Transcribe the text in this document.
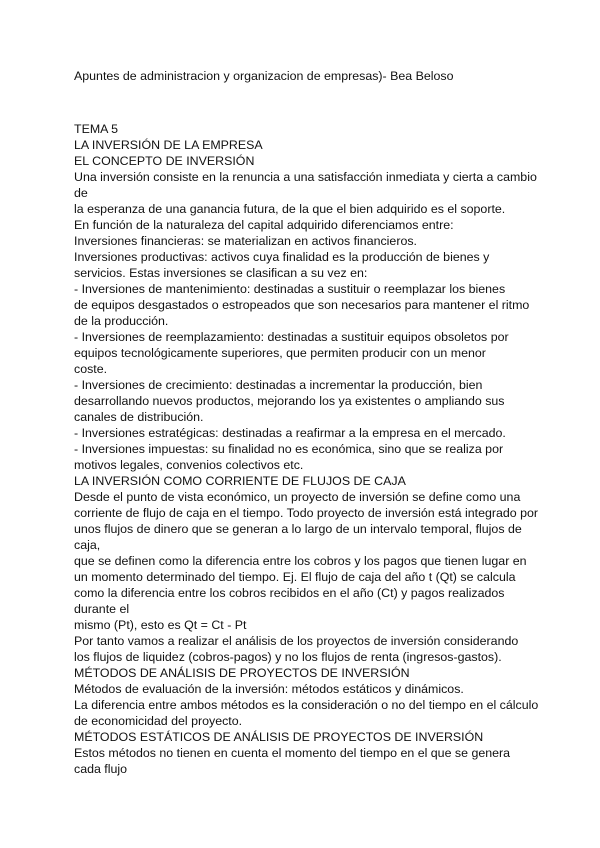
Apuntes de administracion y organizacion de empresas)- Bea Beloso
TEMA 5
LA INVERSIÓN DE LA EMPRESA
EL CONCEPTO DE INVERSIÓN
Una inversión consiste en la renuncia a una satisfacción inmediata y cierta a cambio
de
la esperanza de una ganancia futura, de la que el bien adquirido es el soporte.
En función de la naturaleza del capital adquirido diferenciamos entre:
Inversiones financieras: se materializan en activos financieros.
Inversiones productivas: activos cuya finalidad es la producción de bienes y
servicios. Estas inversiones se clasifican a su vez en:
- Inversiones de mantenimiento: destinadas a sustituir o reemplazar los bienes
de equipos desgastados o estropeados que son necesarios para mantener el ritmo
de la producción.
- Inversiones de reemplazamiento: destinadas a sustituir equipos obsoletos por
equipos tecnológicamente superiores, que permiten producir con un menor
coste.
- Inversiones de crecimiento: destinadas a incrementar la producción, bien
desarrollando nuevos productos, mejorando los ya existentes o ampliando sus
canales de distribución.
- Inversiones estratégicas: destinadas a reafirmar a la empresa en el mercado.
- Inversiones impuestas: su finalidad no es económica, sino que se realiza por
motivos legales, convenios colectivos etc.
LA INVERSIÓN COMO CORRIENTE DE FLUJOS DE CAJA
Desde el punto de vista económico, un proyecto de inversión se define como una
corriente de flujo de caja en el tiempo. Todo proyecto de inversión está integrado por
unos flujos de dinero que se generan a lo largo de un intervalo temporal, flujos de
caja,
que se definen como la diferencia entre los cobros y los pagos que tienen lugar en
un momento determinado del tiempo. Ej. El flujo de caja del año t (Qt) se calcula
como la diferencia entre los cobros recibidos en el año (Ct) y pagos realizados
durante el
mismo (Pt), esto es Qt = Ct - Pt
Por tanto vamos a realizar el análisis de los proyectos de inversión considerando
los flujos de liquidez (cobros-pagos) y no los flujos de renta (ingresos-gastos).
MÉTODOS DE ANÁLISIS DE PROYECTOS DE INVERSIÓN
Métodos de evaluación de la inversión: métodos estáticos y dinámicos.
La diferencia entre ambos métodos es la consideración o no del tiempo en el cálculo
de economicidad del proyecto.
MÉTODOS ESTÁTICOS DE ANÁLISIS DE PROYECTOS DE INVERSIÓN
Estos métodos no tienen en cuenta el momento del tiempo en el que se genera
cada flujo
